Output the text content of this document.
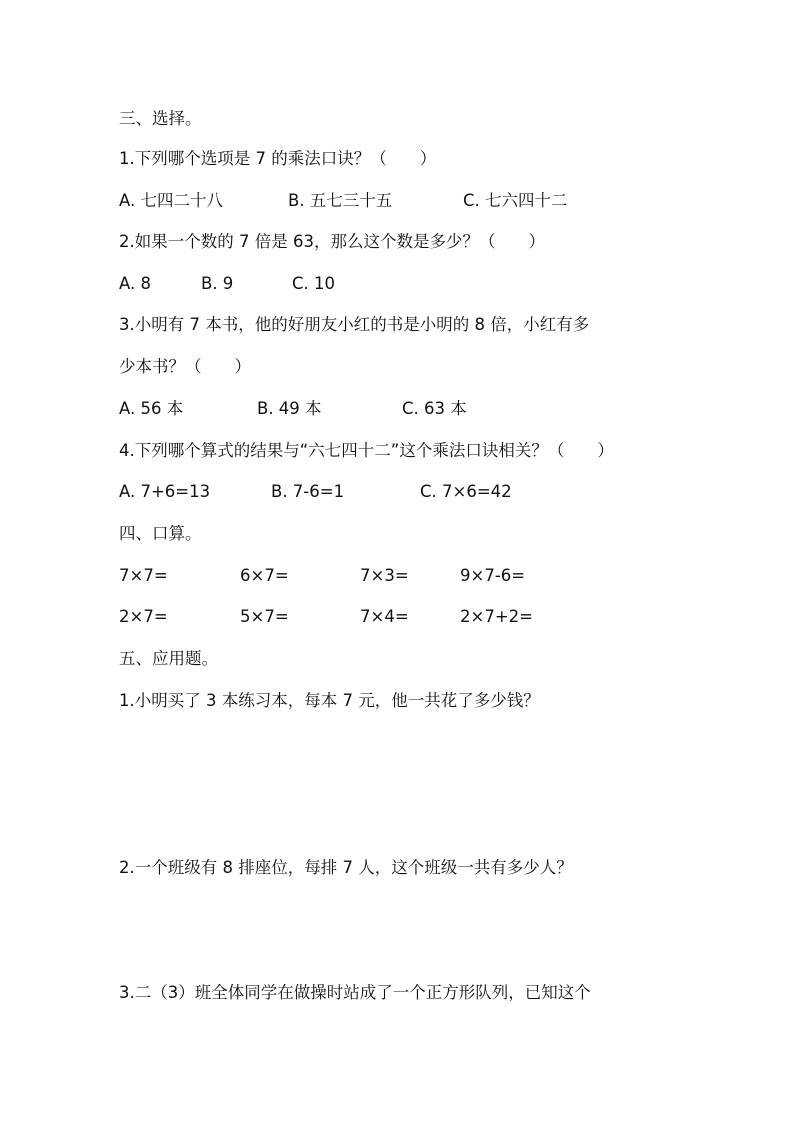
三、选择。
1.下列哪个选项是 7 的乘法口诀？（　　）
A. 七四二十八	B. 五七三十五	C. 七六四十二
2.如果一个数的 7 倍是 63，那么这个数是多少？（　　）
A. 8	B. 9	C. 10
3.小明有 7 本书，他的好朋友小红的书是小明的 8 倍，小红有多
少本书？（　　）
A. 56 本	B. 49 本	C. 63 本
4.下列哪个算式的结果与“六七四十二”这个乘法口诀相关？（　　）
A. 7+6=13	B. 7-6=1	C. 7×6=42
四、口算。
7×7=	6×7=	7×3=	9×7-6=
2×7=	5×7=	7×4=	2×7+2=
五、应用题。
1.小明买了 3 本练习本，每本 7 元，他一共花了多少钱？
2.一个班级有 8 排座位，每排 7 人，这个班级一共有多少人？
3.二（3）班全体同学在做操时站成了一个正方形队列，已知这个
